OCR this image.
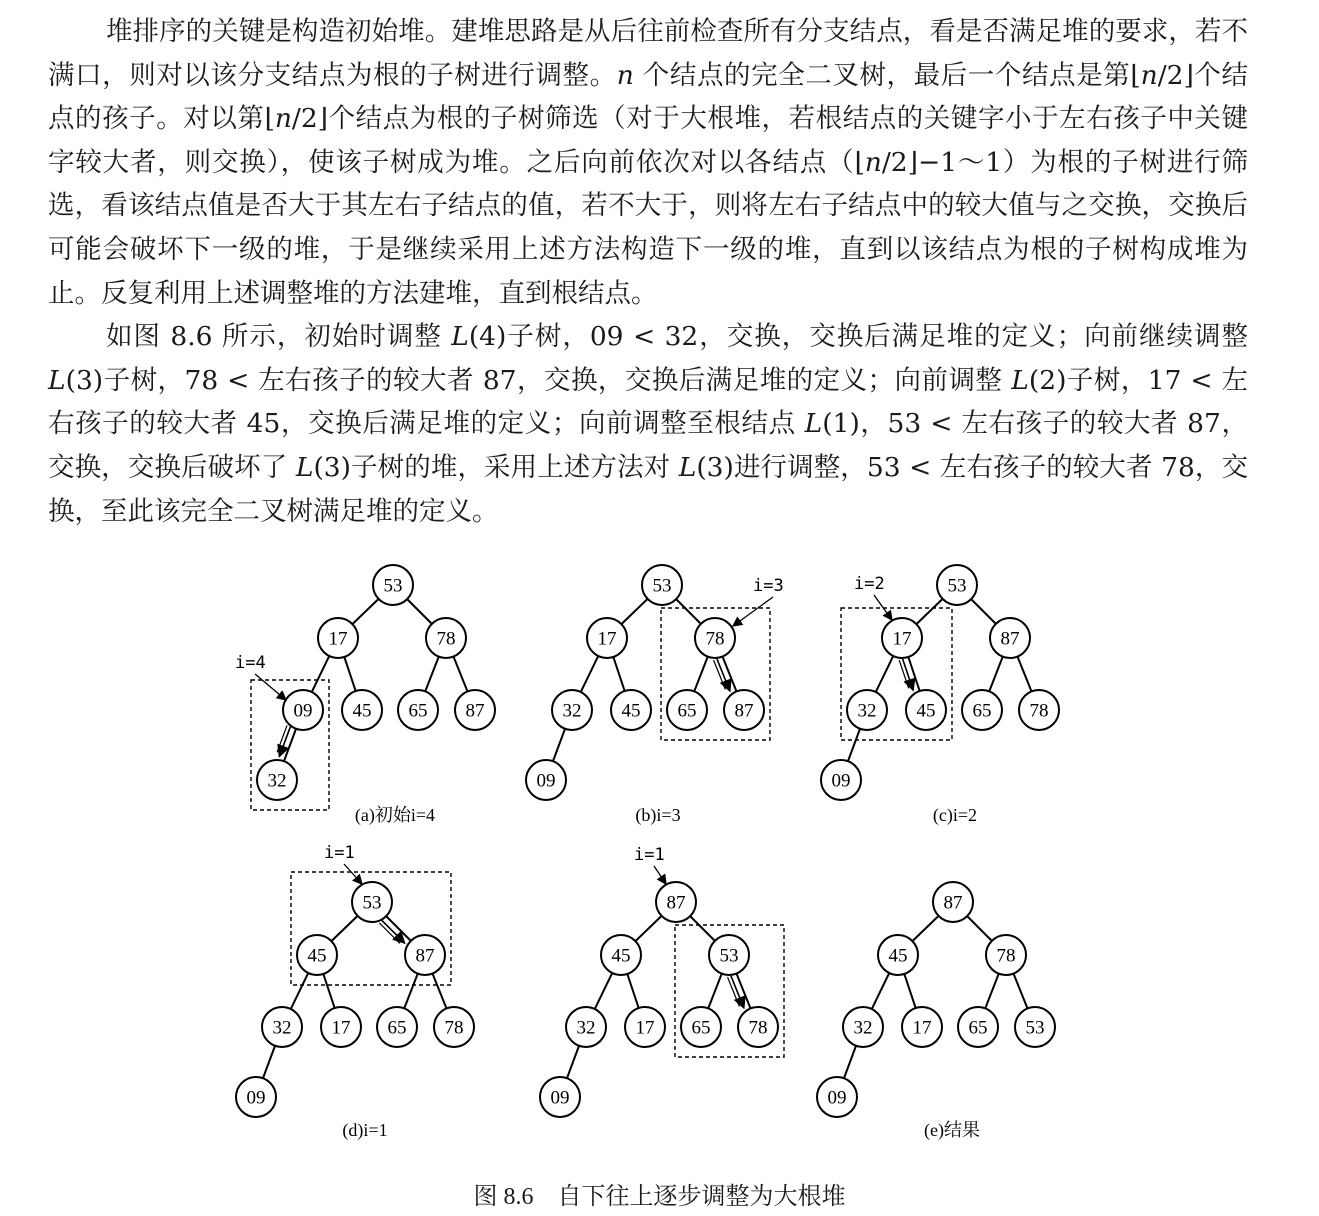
堆排序的关键是构造初始堆。建堆思路是从后往前检查所有分支结点，看是否满足堆的要求，若不满口，则对以该分支结点为根的子树进行调整。n 个结点的完全二叉树，最后一个结点是第⌊n/2⌋个结点的孩子。对以第⌊n/2⌋个结点为根的子树筛选（对于大根堆，若根结点的关键字小于左右孩子中关键字较大者，则交换），使该子树成为堆。之后向前依次对以各结点（⌊n/2⌋−1～1）为根的子树进行筛选，看该结点值是否大于其左右子结点的值，若不大于，则将左右子结点中的较大值与之交换，交换后可能会破坏下一级的堆，于是继续采用上述方法构造下一级的堆，直到以该结点为根的子树构成堆为止。反复利用上述调整堆的方法建堆，直到根结点。

如图 8.6 所示，初始时调整 L(4)子树，09 < 32，交换，交换后满足堆的定义；向前继续调整 L(3)子树，78 < 左右孩子的较大者 87，交换，交换后满足堆的定义；向前调整 L(2)子树，17 < 左右孩子的较大者 45，交换后满足堆的定义；向前调整至根结点 L(1)，53 < 左右孩子的较大者 87，交换，交换后破坏了 L(3)子树的堆，采用上述方法对 L(3)进行调整，53 < 左右孩子的较大者 78，交换，至此该完全二叉树满足堆的定义。

53
17	78
09 45 65 87
32
i=4
(a)初始i=4
53
17	78
32 45 65 87
09
i=3
(b)i=3
53
17	87
32 45 65 78
09
i=2
(c)i=2
53
45	87
32 17 65 78
09
i=1
(d)i=1
87
45	53
32 17 65 78
09
i=1
87
45	78
32 17 65 53
09
(e)结果
图 8.6　自下往上逐步调整为大根堆
